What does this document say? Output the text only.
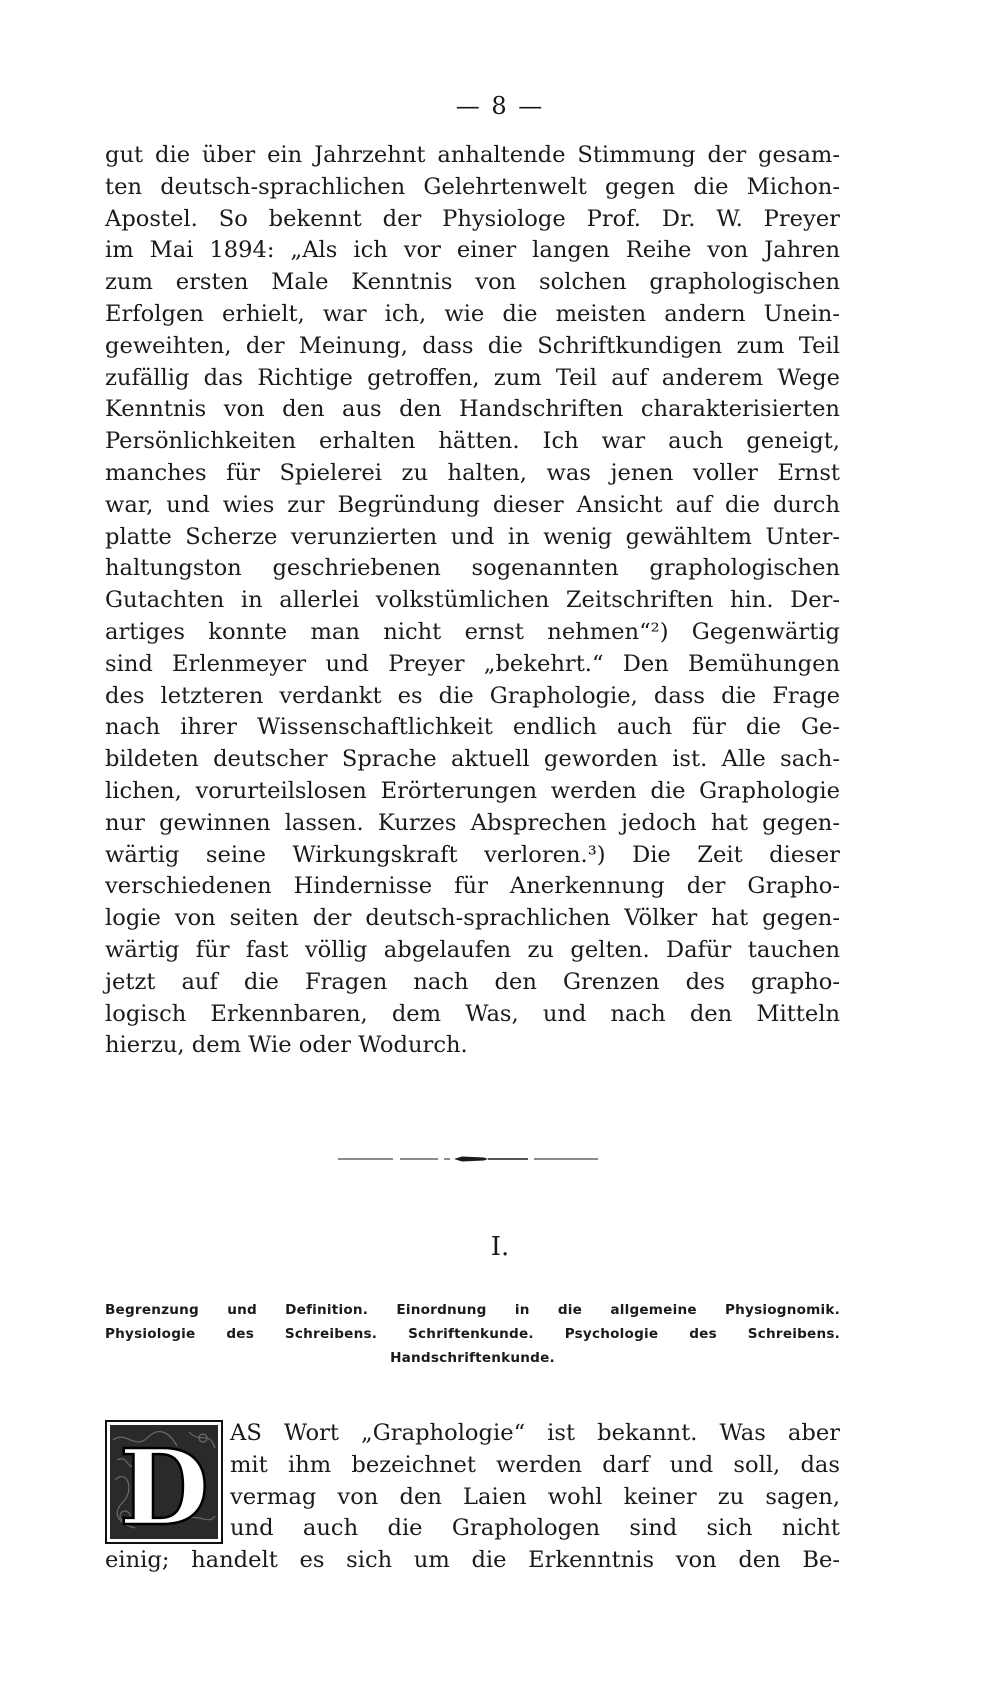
— 8 —
gut die über ein Jahrzehnt anhaltende Stimmung der gesam-
ten deutsch-sprachlichen Gelehrtenwelt gegen die Michon-
Apostel. So bekennt der Physiologe Prof. Dr. W. Preyer
im Mai 1894: „Als ich vor einer langen Reihe von Jahren
zum ersten Male Kenntnis von solchen graphologischen
Erfolgen erhielt, war ich, wie die meisten andern Unein-
geweihten, der Meinung, dass die Schriftkundigen zum Teil
zufällig das Richtige getroffen, zum Teil auf anderem Wege
Kenntnis von den aus den Handschriften charakterisierten
Persönlichkeiten erhalten hätten. Ich war auch geneigt,
manches für Spielerei zu halten, was jenen voller Ernst
war, und wies zur Begründung dieser Ansicht auf die durch
platte Scherze verunzierten und in wenig gewähltem Unter-
haltungston geschriebenen sogenannten graphologischen
Gutachten in allerlei volkstümlichen Zeitschriften hin. Der-
artiges konnte man nicht ernst nehmen“²) Gegenwärtig
sind Erlenmeyer und Preyer „bekehrt.“ Den Bemühungen
des letzteren verdankt es die Graphologie, dass die Frage
nach ihrer Wissenschaftlichkeit endlich auch für die Ge-
bildeten deutscher Sprache aktuell geworden ist. Alle sach-
lichen, vorurteilslosen Erörterungen werden die Graphologie
nur gewinnen lassen. Kurzes Absprechen jedoch hat gegen-
wärtig seine Wirkungskraft verloren.³) Die Zeit dieser
verschiedenen Hindernisse für Anerkennung der Grapho-
logie von seiten der deutsch-sprachlichen Völker hat gegen-
wärtig für fast völlig abgelaufen zu gelten. Dafür tauchen
jetzt auf die Fragen nach den Grenzen des grapho-
logisch Erkennbaren, dem Was, und nach den Mitteln
hierzu, dem Wie oder Wodurch.
I.
Begrenzung und Definition. Einordnung in die allgemeine Physiognomik.
Physiologie des Schreibens. Schriftenkunde. Psychologie des Schreibens.
Handschriftenkunde.
D AS Wort „Graphologie“ ist bekannt. Was aber
mit ihm bezeichnet werden darf und soll, das
vermag von den Laien wohl keiner zu sagen,
und auch die Graphologen sind sich nicht
einig; handelt es sich um die Erkenntnis von den Be-
